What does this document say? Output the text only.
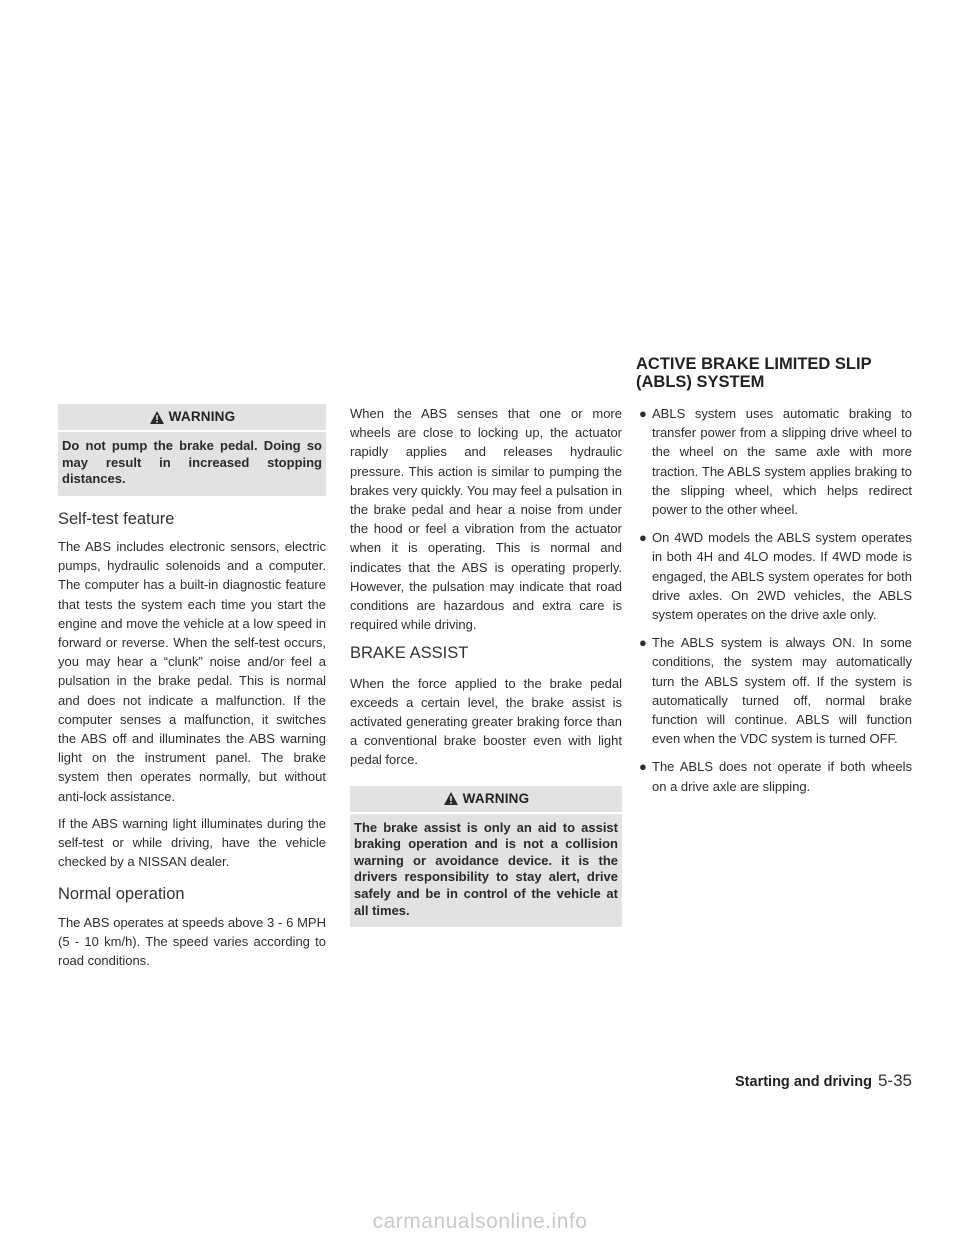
WARNING
Do not pump the brake pedal. Doing so may result in increased stopping distances.
Self-test feature

The ABS includes electronic sensors, electric pumps, hydraulic solenoids and a computer. The computer has a built-in diagnostic feature that tests the system each time you start the engine and move the vehicle at a low speed in forward or reverse. When the self-test occurs, you may hear a “clunk” noise and/or feel a pulsation in the brake pedal. This is normal and does not indicate a malfunction. If the computer senses a malfunction, it switches the ABS off and illuminates the ABS warning light on the instrument panel. The brake system then operates normally, but without anti-lock assistance.

If the ABS warning light illuminates during the self-test or while driving, have the vehicle checked by a NISSAN dealer.

Normal operation

The ABS operates at speeds above 3 - 6 MPH (5 - 10 km/h). The speed varies according to road conditions.

When the ABS senses that one or more wheels are close to locking up, the actuator rapidly applies and releases hydraulic pressure. This action is similar to pumping the brakes very quickly. You may feel a pulsation in the brake pedal and hear a noise from under the hood or feel a vibration from the actuator when it is operating. This is normal and indicates that the ABS is operating properly. However, the pulsation may indicate that road conditions are hazardous and extra care is required while driving.

BRAKE ASSIST

When the force applied to the brake pedal exceeds a certain level, the brake assist is activated generating greater braking force than a conventional brake booster even with light pedal force.

WARNING
The brake assist is only an aid to assist braking operation and is not a collision warning or avoidance device. it is the drivers responsibility to stay alert, drive safely and be in control of the vehicle at all times.
ACTIVE BRAKE LIMITED SLIP (ABLS) SYSTEM
● ABLS system uses automatic braking to transfer power from a slipping drive wheel to the wheel on the same axle with more traction. The ABLS system applies braking to the slipping wheel, which helps redirect power to the other wheel.
● On 4WD models the ABLS system operates in both 4H and 4LO modes. If 4WD mode is engaged, the ABLS system operates for both drive axles. On 2WD vehicles, the ABLS system operates on the drive axle only.
● The ABLS system is always ON. In some conditions, the system may automatically turn the ABLS system off. If the system is automatically turned off, normal brake function will continue. ABLS will function even when the VDC system is turned OFF.
● The ABLS does not operate if both wheels on a drive axle are slipping.
Starting and driving 5-35
carmanualsonline.info
